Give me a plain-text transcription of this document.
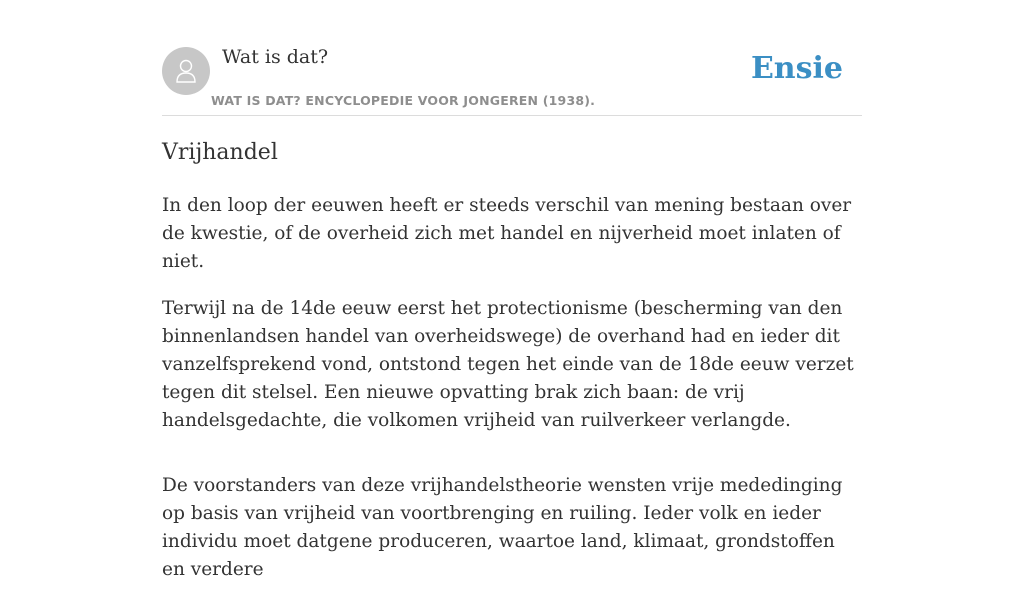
Wat is dat?
WAT IS DAT? ENCYCLOPEDIE VOOR JONGEREN (1938).
Ensie
Vrijhandel

In den loop der eeuwen heeft er steeds verschil van mening bestaan over de kwestie, of de overheid zich met handel en nijverheid moet inlaten of niet.

Terwijl na de 14de eeuw eerst het protectionisme (bescherming van den binnenlandsen handel van overheidswege) de overhand had en ieder dit vanzelfsprekend vond, ontstond tegen het einde van de 18de eeuw verzet tegen dit stelsel. Een nieuwe opvatting brak zich baan: de vrij handelsgedachte, die volkomen vrijheid van ruilverkeer verlangde.

De voorstanders van deze vrijhandelstheorie wensten vrije mededinging op basis van vrijheid van voortbrenging en ruiling. Ieder volk en ieder individu moet datgene produceren, waartoe land, klimaat, grondstoffen en verdere
